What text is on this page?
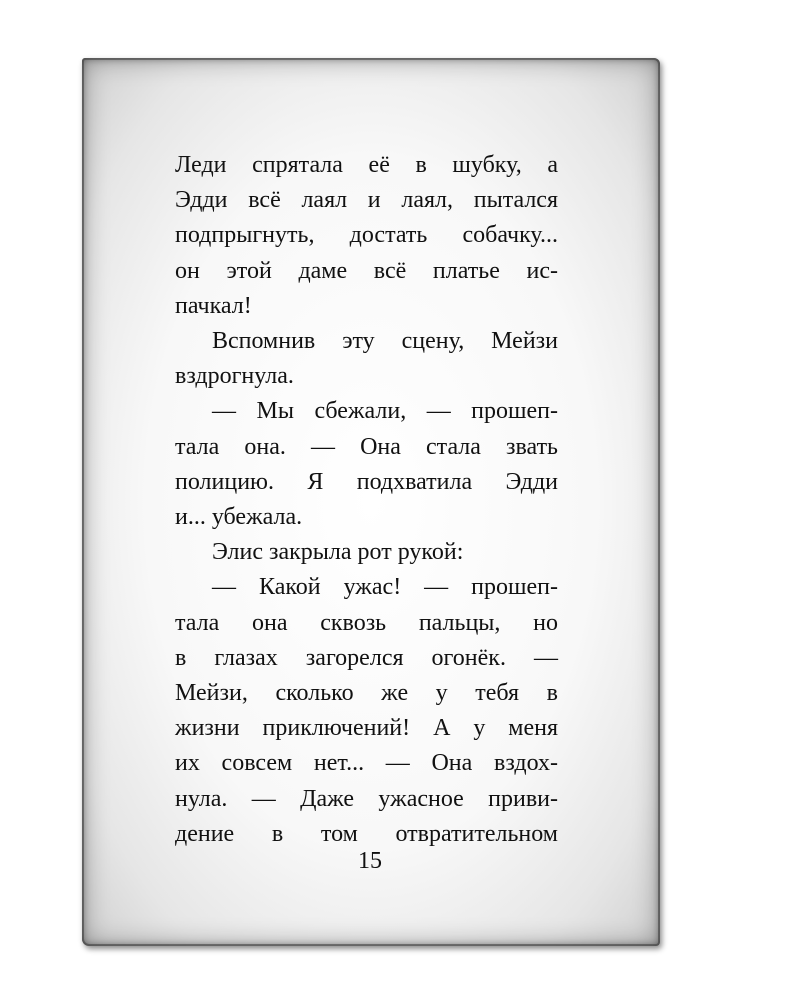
Леди спрятала её в шубку, а
Эдди всё лаял и лаял, пытался
подпрыгнуть, достать собачку...
он этой даме всё платье ис-
пачкал!
Вспомнив эту сцену, Мейзи
вздрогнула.
— Мы сбежали, — прошеп-
тала она. — Она стала звать
полицию. Я подхватила Эдди
и... убежала.
Элис закрыла рот рукой:
— Какой ужас! — прошеп-
тала она сквозь пальцы, но
в глазах загорелся огонёк. —
Мейзи, сколько же у тебя в
жизни приключений! А у меня
их совсем нет... — Она вздох-
нула. — Даже ужасное приви-
дение в том отвратительном
15
